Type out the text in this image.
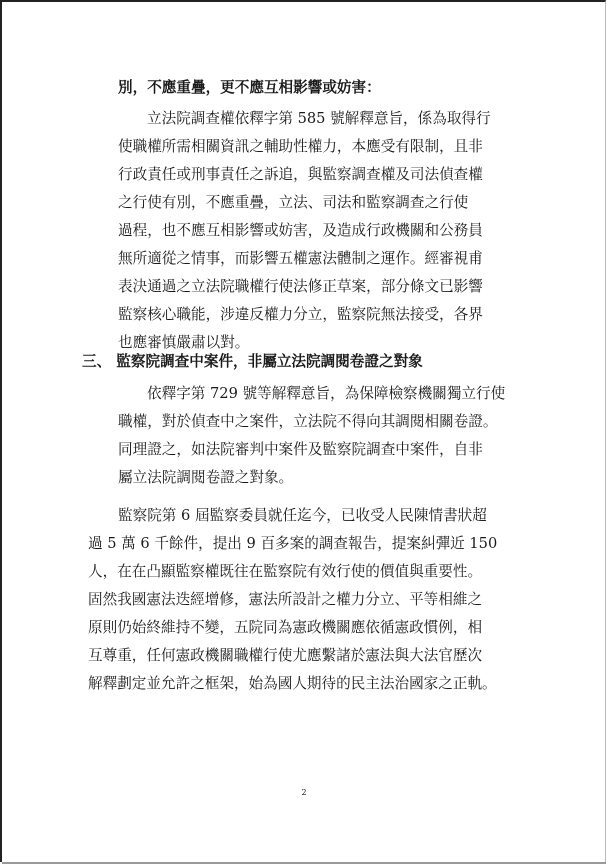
別，不應重疊，更不應互相影響或妨害：
立法院調查權依釋字第 585 號解釋意旨，係為取得行
使職權所需相關資訊之輔助性權力，本應受有限制，且非
行政責任或刑事責任之訴追，與監察調查權及司法偵查權
之行使有別，不應重疊，立法、司法和監察調查之行使
過程，也不應互相影響或妨害，及造成行政機關和公務員
無所適從之情事，而影響五權憲法體制之運作。經審視甫
表決通過之立法院職權行使法修正草案，部分條文已影響
監察核心職能，涉違反權力分立，監察院無法接受，各界
也應審慎嚴肅以對。
三、 監察院調查中案件，非屬立法院調閱卷證之對象
依釋字第 729 號等解釋意旨，為保障檢察機關獨立行使
職權，對於偵查中之案件，立法院不得向其調閱相關卷證。
同理證之，如法院審判中案件及監察院調查中案件，自非
屬立法院調閱卷證之對象。
監察院第 6 屆監察委員就任迄今，已收受人民陳情書狀超
過 5 萬 6 千餘件，提出 9 百多案的調查報告，提案糾彈近 150
人，在在凸顯監察權既往在監察院有效行使的價值與重要性。
固然我國憲法迭經增修，憲法所設計之權力分立、平等相維之
原則仍始終維持不變，五院同為憲政機關應依循憲政慣例，相
互尊重，任何憲政機關職權行使尤應繫諸於憲法與大法官歷次
解釋劃定並允許之框架，始為國人期待的民主法治國家之正軌。
2
